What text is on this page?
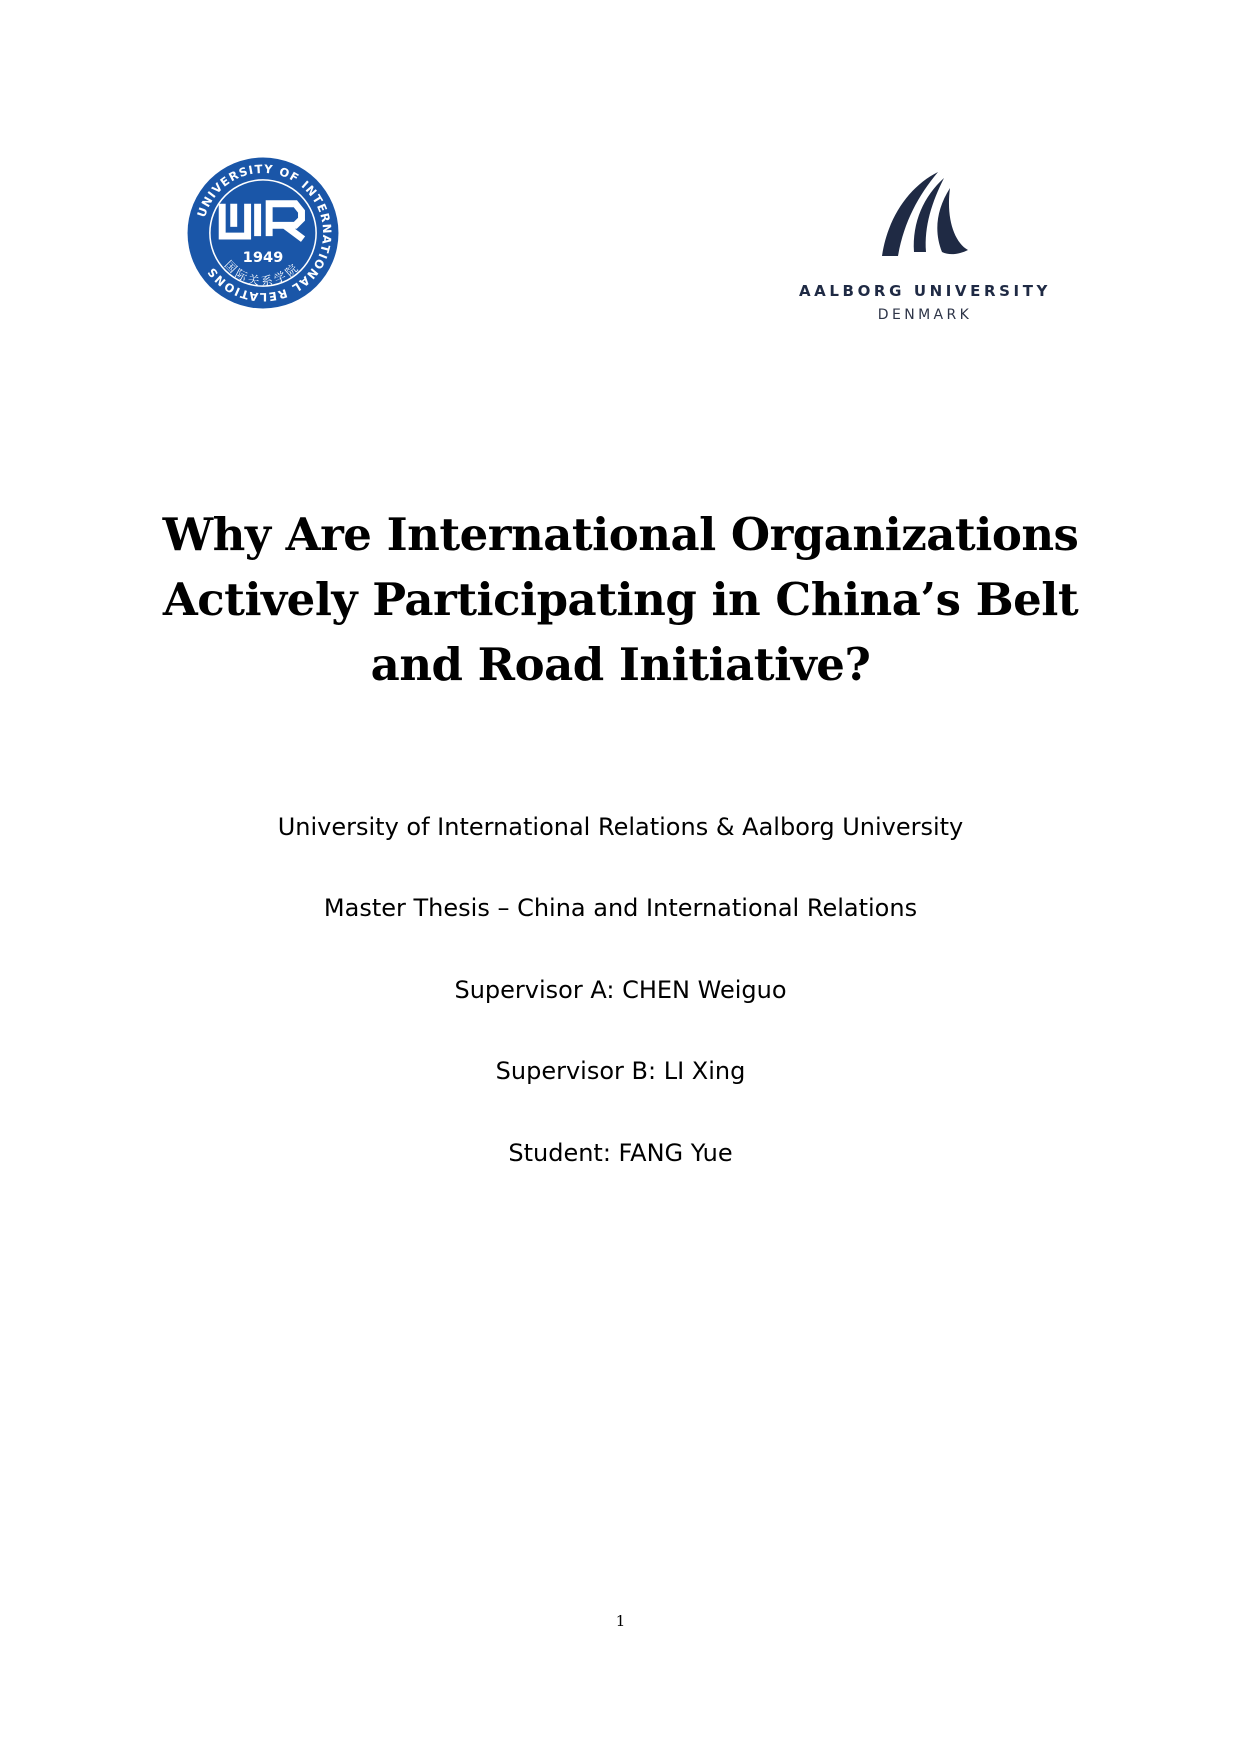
UNIVERSITY OF INTERNATIONAL RELATIONS
1949
国际关系学院
AALBORG UNIVERSITY
DENMARK
Why Are International Organizations Actively Participating in China’s Belt and Road Initiative?
University of International Relations & Aalborg University
Master Thesis – China and International Relations
Supervisor A: CHEN Weiguo
Supervisor B: LI Xing
Student: FANG Yue
1
